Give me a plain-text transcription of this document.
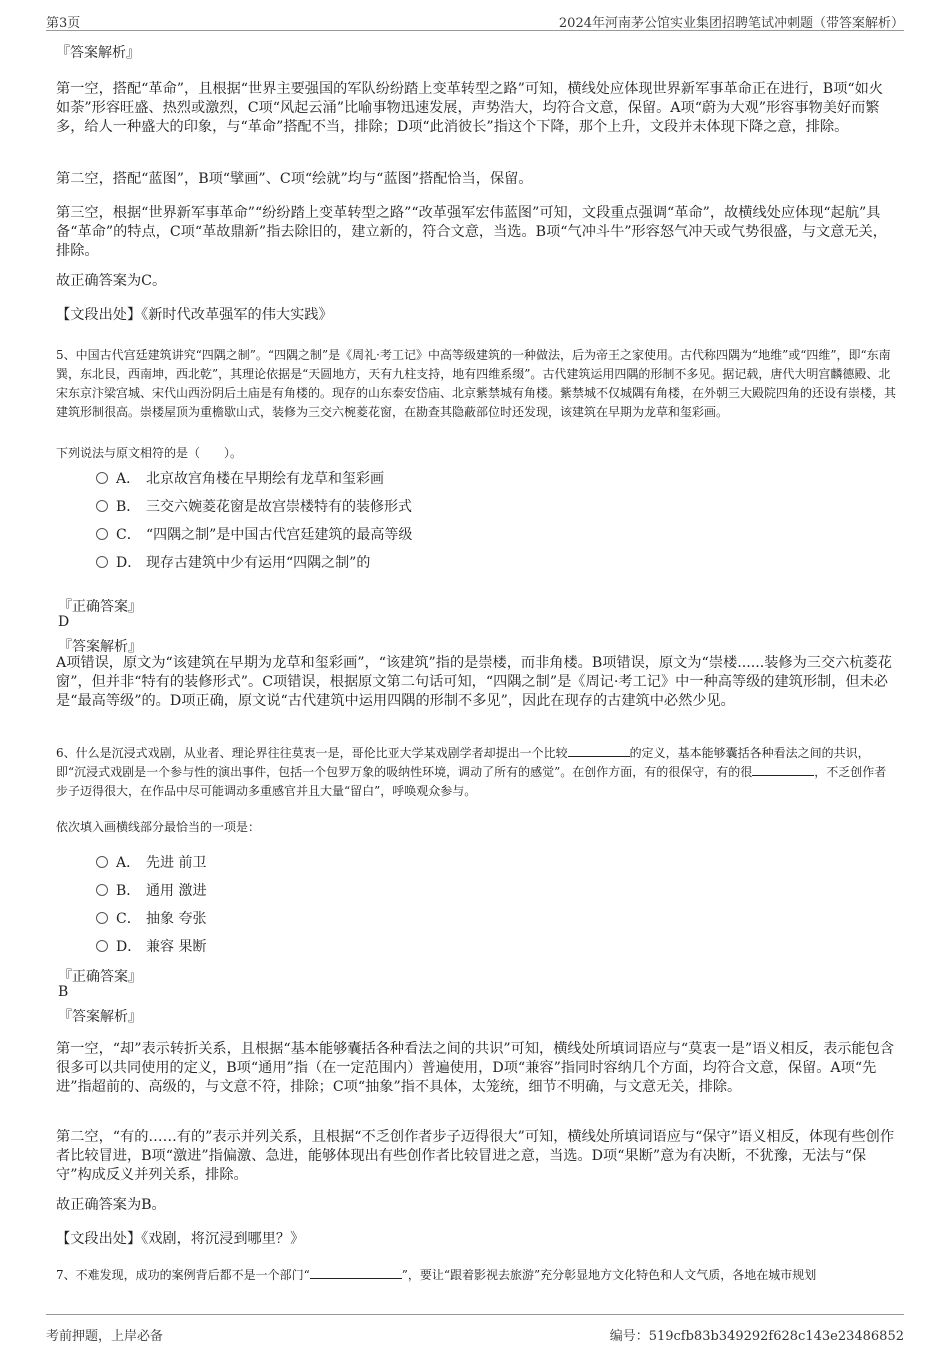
第3页	2024年河南茅公馆实业集团招聘笔试冲刺题（带答案解析）
『答案解析』

第一空，搭配“革命”，且根据“世界主要强国的军队纷纷踏上变革转型之路”可知，横线处应体现世界新军事革命正在进行，B项“如火如荼”形容旺盛、热烈或激烈，C项“风起云涌”比喻事物迅速发展，声势浩大，均符合文意，保留。A项“蔚为大观”形容事物美好而繁多，给人一种盛大的印象，与“革命”搭配不当，排除；D项“此消彼长”指这个下降，那个上升，文段并未体现下降之意，排除。

第二空，搭配“蓝图”，B项“擘画”、C项“绘就”均与“蓝图”搭配恰当，保留。

第三空，根据“世界新军事革命”“纷纷踏上变革转型之路”“改革强军宏伟蓝图”可知，文段重点强调“革命”，故横线处应体现“起航”具备“革命”的特点，C项“革故鼎新”指去除旧的，建立新的，符合文意，当选。B项“气冲斗牛”形容怒气冲天或气势很盛，与文意无关，排除。

故正确答案为C。

【文段出处】《新时代改革强军的伟大实践》

5、中国古代宫廷建筑讲究“四隅之制”。“四隅之制”是《周礼·考工记》中高等级建筑的一种做法，后为帝王之家使用。古代称四隅为“地维”或“四维”，即“东南巽，东北艮，西南坤，西北乾”，其理论依据是“天圆地方，天有九柱支持，地有四维系缀”。古代建筑运用四隅的形制不多见。据记载，唐代大明宫麟德殿、北宋东京汴梁宫城、宋代山西汾阴后土庙是有角楼的。现存的山东泰安岱庙、北京紫禁城有角楼。紫禁城不仅城隅有角楼，在外朝三大殿院四角的还设有崇楼，其建筑形制很高。崇楼屋顶为重檐歇山式，装修为三交六椀菱花窗，在勘查其隐蔽部位时还发现，该建筑在早期为龙草和玺彩画。

下列说法与原文相符的是（　　）。

A． 北京故宫角楼在早期绘有龙草和玺彩画
B． 三交六婉菱花窗是故宫崇楼特有的装修形式
C． “四隅之制”是中国古代宫廷建筑的最高等级
D． 现存古建筑中少有运用“四隅之制”的
『正确答案』
D
『答案解析』

A项错误，原文为“该建筑在早期为龙草和玺彩画”，“该建筑”指的是崇楼，而非角楼。B项错误，原文为“崇楼......装修为三交六杭菱花窗”，但并非“特有的装修形式”。C项错误，根据原文第二句话可知，“四隅之制”是《周记·考工记》中一种高等级的建筑形制，但未必是“最高等级”的。D项正确，原文说“古代建筑中运用四隅的形制不多见”，因此在现存的古建筑中必然少见。

6、什么是沉浸式戏剧，从业者、理论界往往莫衷一是，哥伦比亚大学某戏剧学者却提出一个比较	的定义，基本能够囊括各种看法之间的共识，即“沉浸式戏剧是一个参与性的演出事件，包括一个包罗万象的吸纳性环境，调动了所有的感觉”。在创作方面，有的很保守，有的很	，不乏创作者步子迈得很大，在作品中尽可能调动多重感官并且大量“留白”，呼唤观众参与。

依次填入画横线部分最恰当的一项是：

A． 先进 前卫
B． 通用 激进
C． 抽象 夸张
D． 兼容 果断
『正确答案』
B
『答案解析』

第一空，“却”表示转折关系，且根据“基本能够囊括各种看法之间的共识”可知，横线处所填词语应与“莫衷一是”语义相反，表示能包含很多可以共同使用的定义，B项“通用”指（在一定范围内）普遍使用，D项“兼容”指同时容纳几个方面，均符合文意，保留。A项“先进”指超前的、高级的，与文意不符，排除；C项“抽象”指不具体，太笼统，细节不明确，与文意无关，排除。

第二空，“有的……有的”表示并列关系，且根据“不乏创作者步子迈得很大”可知，横线处所填词语应与“保守”语义相反，体现有些创作者比较冒进，B项“激进”指偏激、急进，能够体现出有些创作者比较冒进之意，当选。D项“果断”意为有决断，不犹豫，无法与“保守”构成反义并列关系，排除。

故正确答案为B。

【文段出处】《戏剧，将沉浸到哪里？》

7、不难发现，成功的案例背后都不是一个部门“	”，要让“跟着影视去旅游”充分彰显地方文化特色和人文气质，各地在城市规划

考前押题，上岸必备	编号：519cfb83b349292f628c143e23486852
